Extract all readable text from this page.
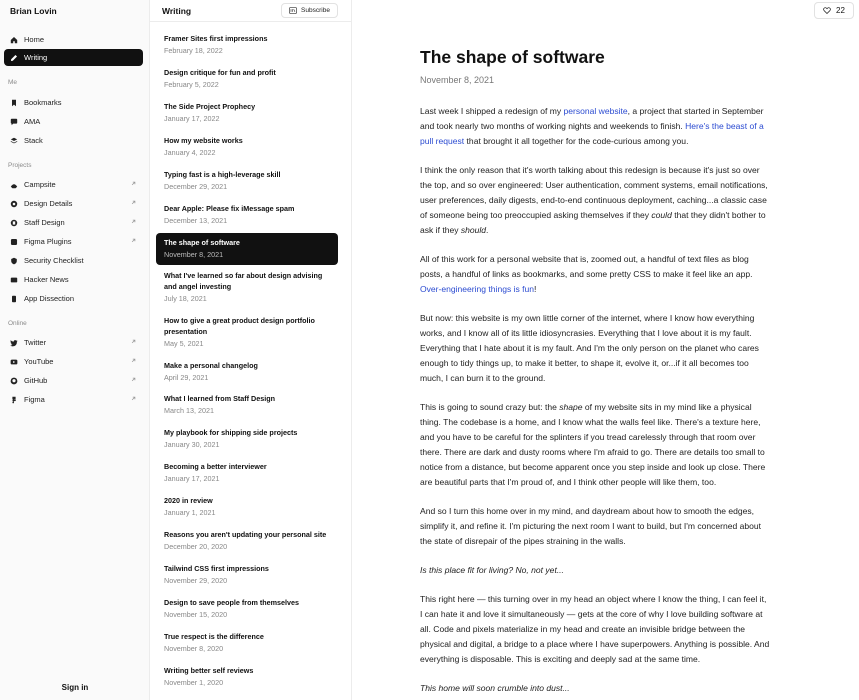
Brian Lovin
Home
Writing
Me
Bookmarks
AMA
Stack
Projects
Campsite
Design Details
Staff Design
Figma Plugins
Security Checklist
Hacker News
App Dissection
Online
Twitter
YouTube
GitHub
Figma
Sign in
Writing	Subscribe
Framer Sites first impressions
February 18, 2022
Design critique for fun and profit
February 5, 2022
The Side Project Prophecy
January 17, 2022
How my website works
January 4, 2022
Typing fast is a high-leverage skill
December 29, 2021
Dear Apple: Please fix iMessage spam
December 13, 2021
The shape of software
November 8, 2021
What I've learned so far about design advising and angel investing
July 18, 2021
How to give a great product design portfolio presentation
May 5, 2021
Make a personal changelog
April 29, 2021
What I learned from Staff Design
March 13, 2021
My playbook for shipping side projects
January 30, 2021
Becoming a better interviewer
January 17, 2021
2020 in review
January 1, 2021
Reasons you aren't updating your personal site
December 20, 2020
Tailwind CSS first impressions
November 29, 2020
Design to save people from themselves
November 15, 2020
True respect is the difference
November 8, 2020
Writing better self reviews
November 1, 2020
22
The shape of software
November 8, 2021

Last week I shipped a redesign of my personal website, a project that started in September and took nearly two months of working nights and weekends to finish. Here's the beast of a pull request that brought it all together for the code-curious among you.

I think the only reason that it's worth talking about this redesign is because it's just so over the top, and so over engineered: User authentication, comment systems, email notifications, user preferences, daily digests, end-to-end continuous deployment, caching...a classic case of someone being too preoccupied asking themselves if they could that they didn't bother to ask if they should.

All of this work for a personal website that is, zoomed out, a handful of text files as blog posts, a handful of links as bookmarks, and some pretty CSS to make it feel like an app. Over-engineering things is fun!

But now: this website is my own little corner of the internet, where I know how everything works, and I know all of its little idiosyncrasies. Everything that I love about it is my fault. Everything that I hate about it is my fault. And I'm the only person on the planet who cares enough to tidy things up, to make it better, to shape it, evolve it, or...if it all becomes too much, I can burn it to the ground.

This is going to sound crazy but: the shape of my website sits in my mind like a physical thing. The codebase is a home, and I know what the walls feel like. There's a texture here, and you have to be careful for the splinters if you tread carelessly through that room over there. There are dark and dusty rooms where I'm afraid to go. There are details too small to notice from a distance, but become apparent once you step inside and look up close. There are beautiful parts that I'm proud of, and I think other people will like them, too.

And so I turn this home over in my mind, and daydream about how to smooth the edges, simplify it, and refine it. I'm picturing the next room I want to build, but I'm concerned about the state of disrepair of the pipes straining in the walls.

Is this place fit for living? No, not yet...

This right here — this turning over in my head an object where I know the thing, I can feel it, I can hate it and love it simultaneously — gets at the core of why I love building software at all. Code and pixels materialize in my head and create an invisible bridge between the physical and digital, a bridge to a place where I have superpowers. Anything is possible. And everything is disposable. This is exciting and deeply sad at the same time.

This home will soon crumble into dust...
